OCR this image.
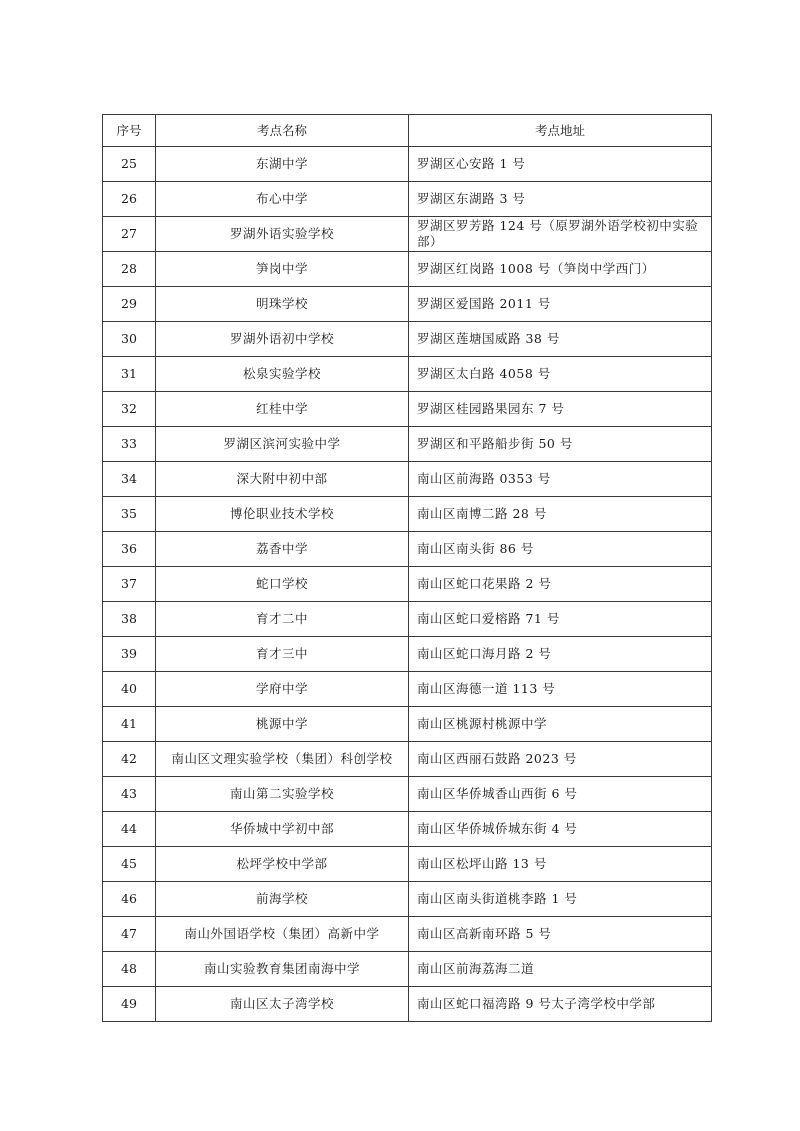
序号	考点名称	考点地址
25	东湖中学	罗湖区心安路 1 号
26	布心中学	罗湖区东湖路 3 号
27	罗湖外语实验学校	罗湖区罗芳路 124 号（原罗湖外语学校初中实验部）
28	笋岗中学	罗湖区红岗路 1008 号（笋岗中学西门）
29	明珠学校	罗湖区爱国路 2011 号
30	罗湖外语初中学校	罗湖区莲塘国威路 38 号
31	松泉实验学校	罗湖区太白路 4058 号
32	红桂中学	罗湖区桂园路果园东 7 号
33	罗湖区滨河实验中学	罗湖区和平路船步街 50 号
34	深大附中初中部	南山区前海路 0353 号
35	博伦职业技术学校	南山区南博二路 28 号
36	荔香中学	南山区南头街 86 号
37	蛇口学校	南山区蛇口花果路 2 号
38	育才二中	南山区蛇口爱榕路 71 号
39	育才三中	南山区蛇口海月路 2 号
40	学府中学	南山区海德一道 113 号
41	桃源中学	南山区桃源村桃源中学
42	南山区文理实验学校（集团）科创学校	南山区西丽石鼓路 2023 号
43	南山第二实验学校	南山区华侨城香山西街 6 号
44	华侨城中学初中部	南山区华侨城侨城东街 4 号
45	松坪学校中学部	南山区松坪山路 13 号
46	前海学校	南山区南头街道桃李路 1 号
47	南山外国语学校（集团）高新中学	南山区高新南环路 5 号
48	南山实验教育集团南海中学	南山区前海荔海二道
49	南山区太子湾学校	南山区蛇口福湾路 9 号太子湾学校中学部
